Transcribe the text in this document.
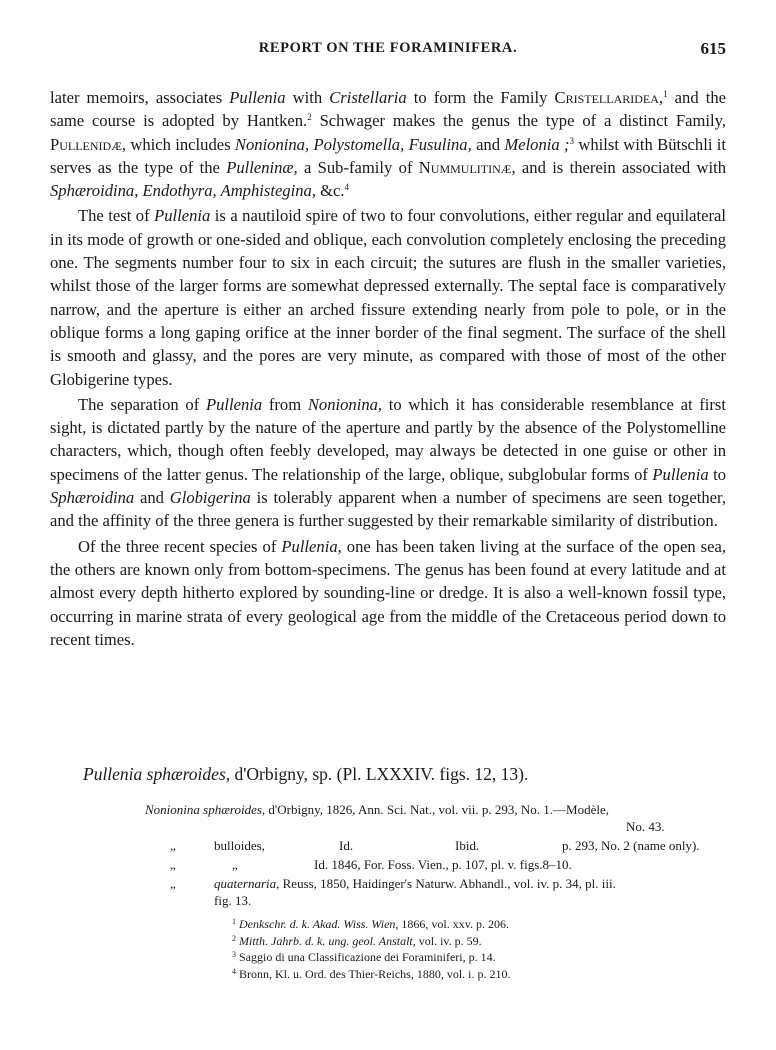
REPORT ON THE FORAMINIFERA.	615

later memoirs, associates Pullenia with Cristellaria to form the Family Cristellaridea,$^1$ and the same course is adopted by Hantken.$^2$ Schwager makes the genus the type of a distinct Family, Pullenidæ, which includes Nonionina, Polystomella, Fusulina, and Melonia ;$^3$ whilst with Bütschli it serves as the type of the Pulleninæ, a Sub-family of Nummulitinæ, and is therein associated with Sphæroidina, Endothyra, Amphistegina, &c.$^4$

The test of Pullenia is a nautiloid spire of two to four convolutions, either regular and equilateral in its mode of growth or one-sided and oblique, each convolution completely enclosing the preceding one. The segments number four to six in each circuit; the sutures are flush in the smaller varieties, whilst those of the larger forms are somewhat depressed externally. The septal face is comparatively narrow, and the aperture is either an arched fissure extending nearly from pole to pole, or in the oblique forms a long gaping orifice at the inner border of the final segment. The surface of the shell is smooth and glassy, and the pores are very minute, as compared with those of most of the other Globigerine types.

The separation of Pullenia from Nonionina, to which it has considerable resemblance at first sight, is dictated partly by the nature of the aperture and partly by the absence of the Polystomelline characters, which, though often feebly developed, may always be detected in one guise or other in specimens of the latter genus. The relationship of the large, oblique, subglobular forms of Pullenia to Sphæroidina and Globigerina is tolerably apparent when a number of specimens are seen together, and the affinity of the three genera is further suggested by their remarkable similarity of distribution.

Of the three recent species of Pullenia, one has been taken living at the surface of the open sea, the others are known only from bottom-specimens. The genus has been found at every latitude and at almost every depth hitherto explored by sounding-line or dredge. It is also a well-known fossil type, occurring in marine strata of every geological age from the middle of the Cretaceous period down to recent times.

Pullenia sphæroides, d'Orbigny, sp. (Pl. LXXXIV. figs. 12, 13).
Nonionina sphæroides, d'Orbigny, 1826, Ann. Sci. Nat., vol. vii. p. 293, No. 1.—Modèle,
No. 43.
„	bulloides,	Id.	Ibid.	p. 293, No. 2 (name only).
„	„	Id. 1846, For. Foss. Vien., p. 107, pl. v. figs.8–10.
„	quaternaria, Reuss, 1850, Haidinger's Naturw. Abhandl., vol. iv. p. 34, pl. iii.
fig. 13.
$^1$ Denkschr. d. k. Akad. Wiss. Wien, 1866, vol. xxv. p. 206.
$^2$ Mitth. Jahrb. d. k. ung. geol. Anstalt, vol. iv. p. 59.
$^3$ Saggio di una Classificazione dei Foraminiferi, p. 14.
$^4$ Bronn, Kl. u. Ord. des Thier-Reichs, 1880, vol. i. p. 210.
